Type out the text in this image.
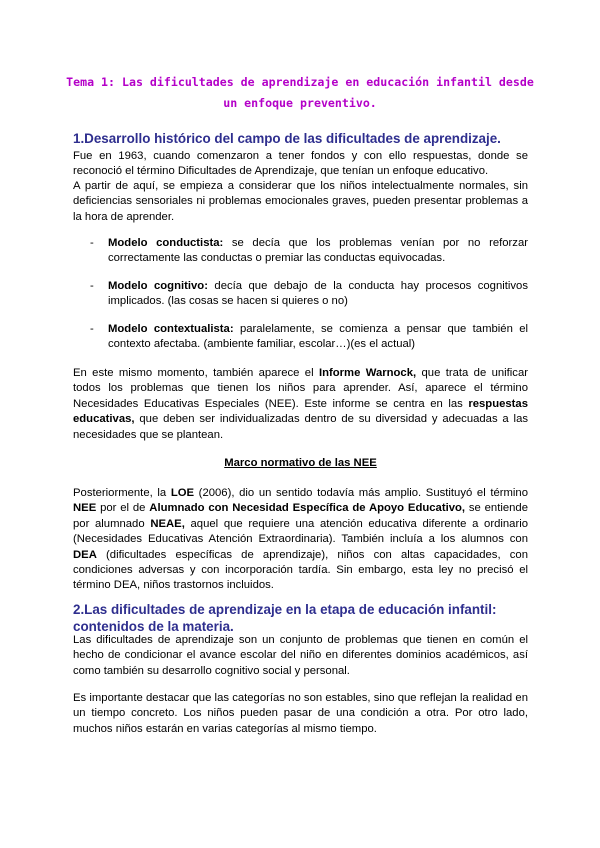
Tema 1: Las dificultades de aprendizaje en educación infantil desde
un enfoque preventivo.
1.Desarrollo histórico del campo de las dificultades de aprendizaje.

Fue en 1963, cuando comenzaron a tener fondos y con ello respuestas, donde se reconoció el término Dificultades de Aprendizaje, que tenían un enfoque educativo.

A partir de aquí, se empieza a considerar que los niños intelectualmente normales, sin deficiencias sensoriales ni problemas emocionales graves, pueden presentar problemas a la hora de aprender.

- Modelo conductista: se decía que los problemas venían por no reforzar correctamente las conductas o premiar las conductas equivocadas.
- Modelo cognitivo: decía que debajo de la conducta hay procesos cognitivos implicados. (las cosas se hacen si quieres o no)
- Modelo contextualista: paralelamente, se comienza a pensar que también el contexto afectaba. (ambiente familiar, escolar…)(es el actual)

En este mismo momento, también aparece el Informe Warnock, que trata de unificar todos los problemas que tienen los niños para aprender. Así, aparece el término Necesidades Educativas Especiales (NEE). Este informe se centra en las respuestas educativas, que deben ser individualizadas dentro de su diversidad y adecuadas a las necesidades que se plantean.

Marco normativo de las NEE

Posteriormente, la LOE (2006), dio un sentido todavía más amplio. Sustituyó el término NEE por el de Alumnado con Necesidad Específica de Apoyo Educativo, se entiende por alumnado NEAE, aquel que requiere una atención educativa diferente a ordinario (Necesidades Educativas Atención Extraordinaria). También incluía a los alumnos con DEA (dificultades específicas de aprendizaje), niños con altas capacidades, con condiciones adversas y con incorporación tardía. Sin embargo, esta ley no precisó el término DEA, niños trastornos incluidos.

2.Las dificultades de aprendizaje en la etapa de educación infantil: contenidos de la materia.

Las dificultades de aprendizaje son un conjunto de problemas que tienen en común el hecho de condicionar el avance escolar del niño en diferentes dominios académicos, así como también su desarrollo cognitivo social y personal.

Es importante destacar que las categorías no son estables, sino que reflejan la realidad en un tiempo concreto. Los niños pueden pasar de una condición a otra. Por otro lado, muchos niños estarán en varias categorías al mismo tiempo.
